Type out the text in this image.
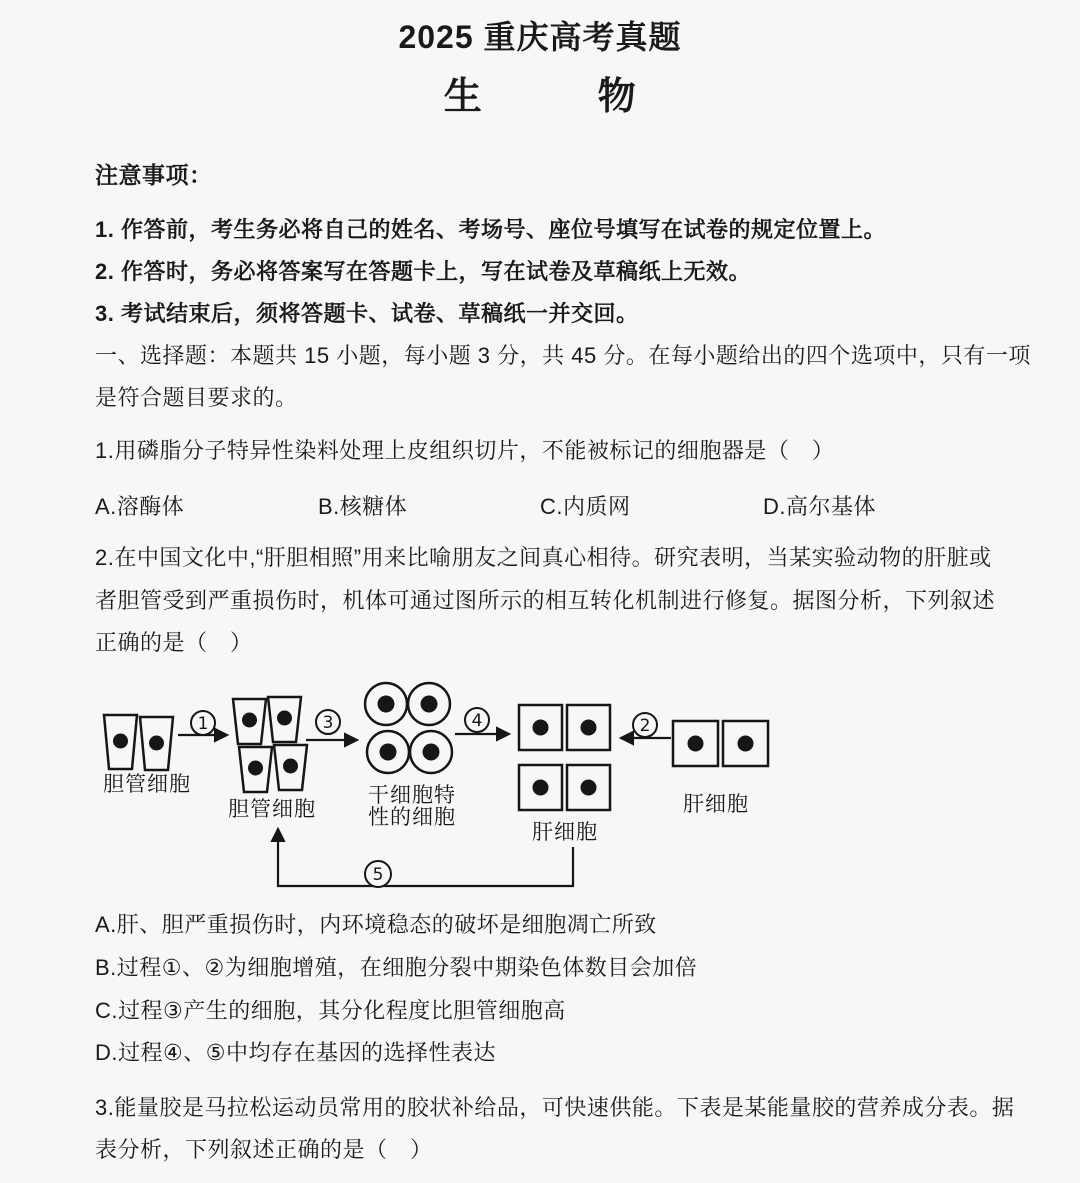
2025 重庆高考真题
生　　　物
注意事项：
1. 作答前，考生务必将自己的姓名、考场号、座位号填写在试卷的规定位置上。
2. 作答时，务必将答案写在答题卡上，写在试卷及草稿纸上无效。
3. 考试结束后，须将答题卡、试卷、草稿纸一并交回。
一、选择题：本题共 15 小题，每小题 3 分，共 45 分。在每小题给出的四个选项中，只有一项
是符合题目要求的。
1.用磷脂分子特异性染料处理上皮组织切片，不能被标记的细胞器是（　）
A.溶酶体	B.核糖体	C.内质网	D.高尔基体
2.在中国文化中,“肝胆相照”用来比喻朋友之间真心相待。研究表明，当某实验动物的肝脏或
者胆管受到严重损伤时，机体可通过图所示的相互转化机制进行修复。据图分析，下列叙述
正确的是（　）
胆管细胞
1
胆管细胞
3
干细胞特
性的细胞
4
肝细胞
2
肝细胞
5
A.肝、胆严重损伤时，内环境稳态的破坏是细胞凋亡所致
B.过程①、②为细胞增殖，在细胞分裂中期染色体数目会加倍
C.过程③产生的细胞，其分化程度比胆管细胞高
D.过程④、⑤中均存在基因的选择性表达
3.能量胶是马拉松运动员常用的胶状补给品，可快速供能。下表是某能量胶的营养成分表。据
表分析，下列叙述正确的是（　）
